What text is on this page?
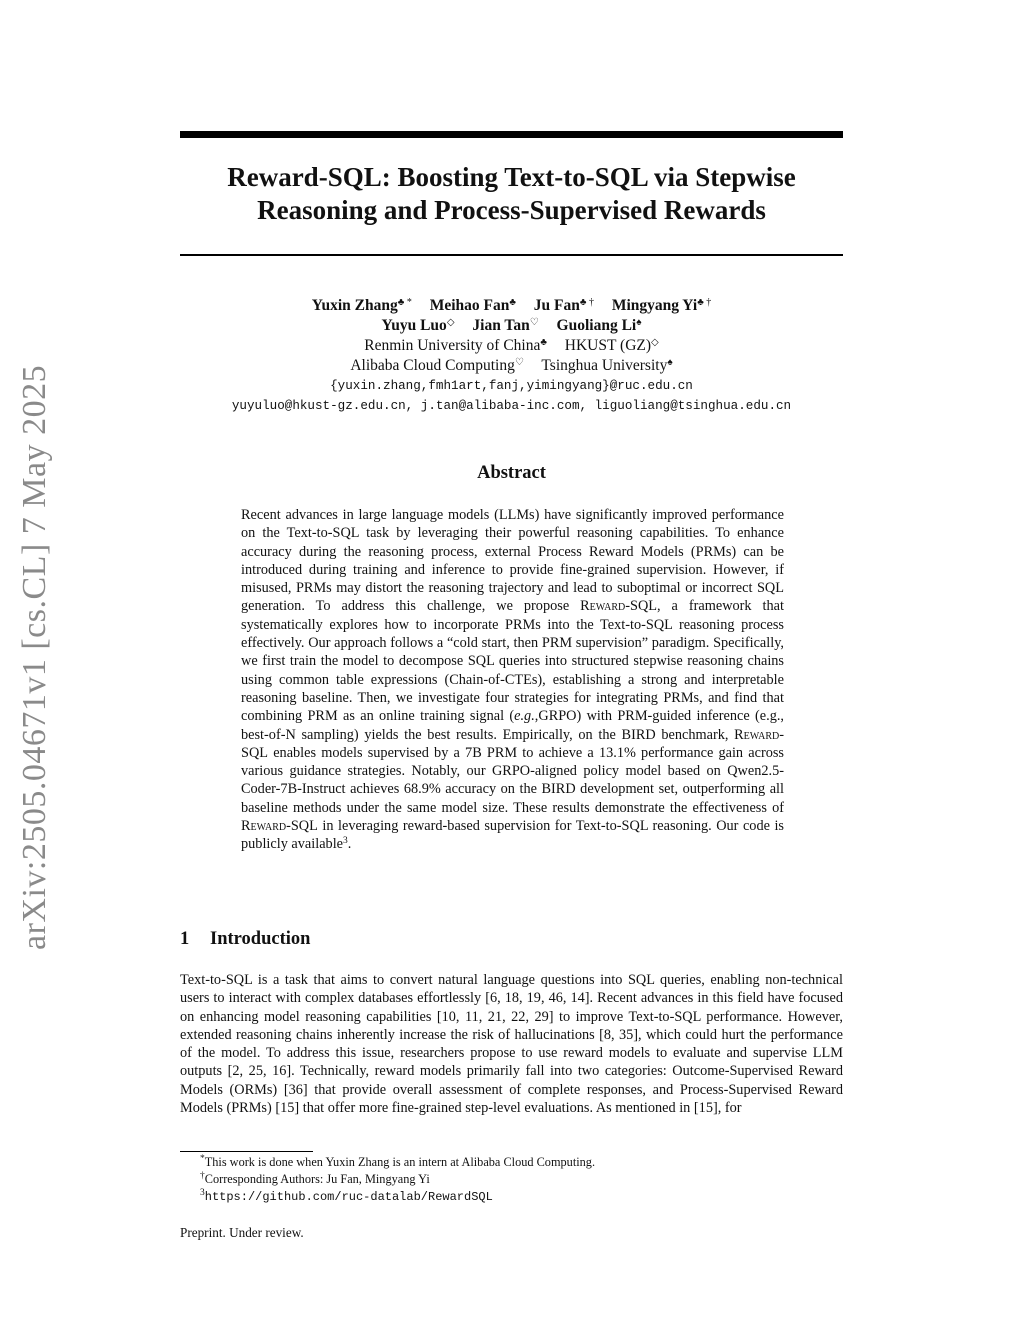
arXiv:2505.04671v1 [cs.CL] 7 May 2025
Reward-SQL: Boosting Text-to-SQL via Stepwise
Reasoning and Process-Supervised Rewards
Yuxin Zhang♣ * Meihao Fan♣ Ju Fan♣ † Mingyang Yi♣ †
Yuyu Luo◇ Jian Tan♡ Guoliang Li♠
Renmin University of China♣ HKUST (GZ)◇
Alibaba Cloud Computing♡ Tsinghua University♠
{yuxin.zhang,fmh1art,fanj,yimingyang}@ruc.edu.cn
yuyuluo@hkust-gz.edu.cn, j.tan@alibaba-inc.com, liguoliang@tsinghua.edu.cn
Abstract
Recent advances in large language models (LLMs) have significantly improved performance on the Text-to-SQL task by leveraging their powerful reasoning capabilities. To enhance accuracy during the reasoning process, external Process Reward Models (PRMs) can be introduced during training and inference to provide fine-grained supervision. However, if misused, PRMs may distort the reasoning trajectory and lead to suboptimal or incorrect SQL generation. To address this challenge, we propose Reward-SQL, a framework that systematically explores how to incorporate PRMs into the Text-to-SQL reasoning process effectively. Our approach follows a “cold start, then PRM supervision” paradigm. Specifically, we first train the model to decompose SQL queries into structured stepwise reasoning chains using common table expressions (Chain-of-CTEs), establishing a strong and interpretable reasoning baseline. Then, we investigate four strategies for integrating PRMs, and find that combining PRM as an online training signal (e.g.,GRPO) with PRM-guided inference (e.g., best-of-N sampling) yields the best results. Empirically, on the BIRD benchmark, Reward-SQL enables models supervised by a 7B PRM to achieve a 13.1% performance gain across various guidance strategies. Notably, our GRPO-aligned policy model based on Qwen2.5-Coder-7B-Instruct achieves 68.9% accuracy on the BIRD development set, outperforming all baseline methods under the same model size. These results demonstrate the effectiveness of Reward-SQL in leveraging reward-based supervision for Text-to-SQL reasoning. Our code is publicly available$^3$.
1 Introduction
Text-to-SQL is a task that aims to convert natural language questions into SQL queries, enabling non-technical users to interact with complex databases effortlessly [6, 18, 19, 46, 14]. Recent advances in this field have focused on enhancing model reasoning capabilities [10, 11, 21, 22, 29] to improve Text-to-SQL performance. However, extended reasoning chains inherently increase the risk of hallucinations [8, 35], which could hurt the performance of the model. To address this issue, researchers propose to use reward models to evaluate and supervise LLM outputs [2, 25, 16]. Technically, reward models primarily fall into two categories: Outcome-Supervised Reward Models (ORMs) [36] that provide overall assessment of complete responses, and Process-Supervised Reward Models (PRMs) [15] that offer more fine-grained step-level evaluations. As mentioned in [15], for
*This work is done when Yuxin Zhang is an intern at Alibaba Cloud Computing.
†Corresponding Authors: Ju Fan, Mingyang Yi
$^3$https://github.com/ruc-datalab/RewardSQL
Preprint. Under review.
